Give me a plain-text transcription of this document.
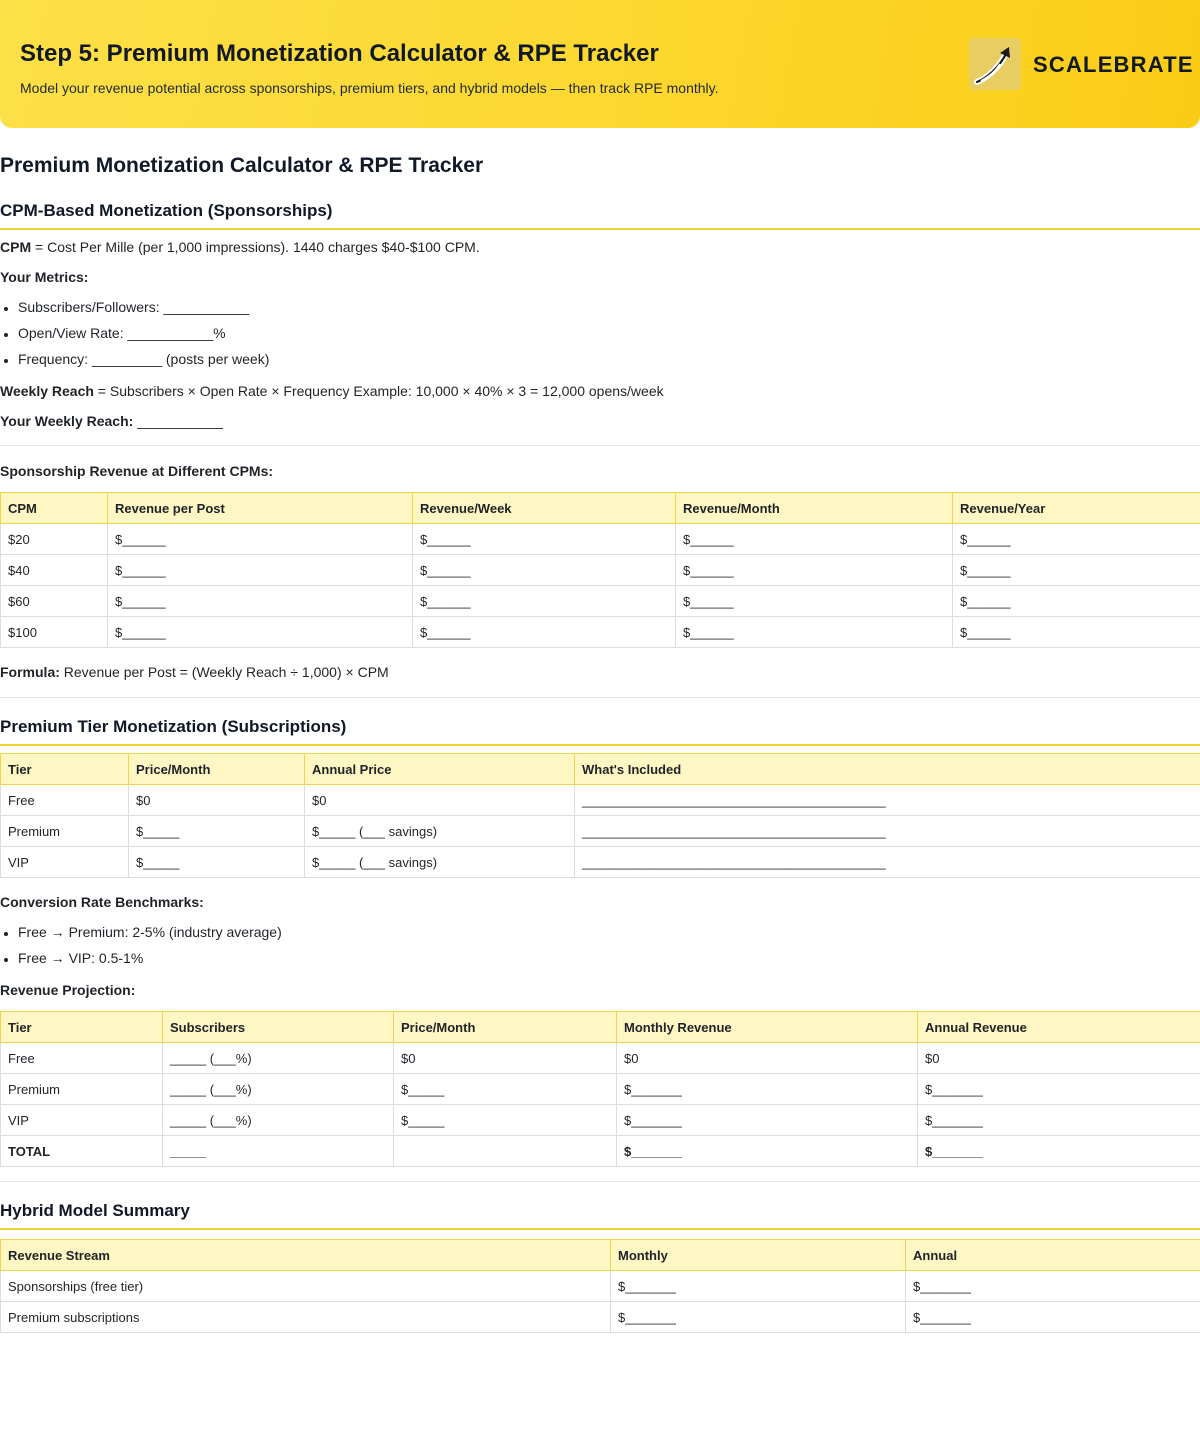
Step 5: Premium Monetization Calculator & RPE Tracker

Model your revenue potential across sponsorships, premium tiers, and hybrid models — then track RPE monthly.

SCALEBRATE
Premium Monetization Calculator & RPE Tracker
CPM-Based Monetization (Sponsorships)

CPM = Cost Per Mille (per 1,000 impressions). 1440 charges $40-$100 CPM.

Your Metrics:

• Subscribers/Followers: ___________
• Open/View Rate: ___________%
• Frequency: _________ (posts per week)

Weekly Reach = Subscribers × Open Rate × Frequency Example: 10,000 × 40% × 3 = 12,000 opens/week

Your Weekly Reach: ___________

Sponsorship Revenue at Different CPMs:

CPM	Revenue per Post	Revenue/Week	Revenue/Month	Revenue/Year
$20	$______	$______	$______	$______
$40	$______	$______	$______	$______
$60	$______	$______	$______	$______
$100	$______	$______	$______	$______

Formula: Revenue per Post = (Weekly Reach ÷ 1,000) × CPM

Premium Tier Monetization (Subscriptions)
Tier	Price/Month	Annual Price	What's Included
Free	$0	$0	__________________________________________
Premium	$_____	$_____ (___ savings)	__________________________________________
VIP	$_____	$_____ (___ savings)	__________________________________________

Conversion Rate Benchmarks:

• Free → Premium: 2-5% (industry average)
• Free → VIP: 0.5-1%

Revenue Projection:

Tier	Subscribers	Price/Month	Monthly Revenue	Annual Revenue
Free	_____ (___%)	$0	$0	$0
Premium	_____ (___%)	$_____	$_______	$_______
VIP	_____ (___%)	$_____	$_______	$_______
TOTAL	_____		$_______	$_______
Hybrid Model Summary
Revenue Stream	Monthly	Annual
Sponsorships (free tier)	$_______	$_______
Premium subscriptions	$_______	$_______
